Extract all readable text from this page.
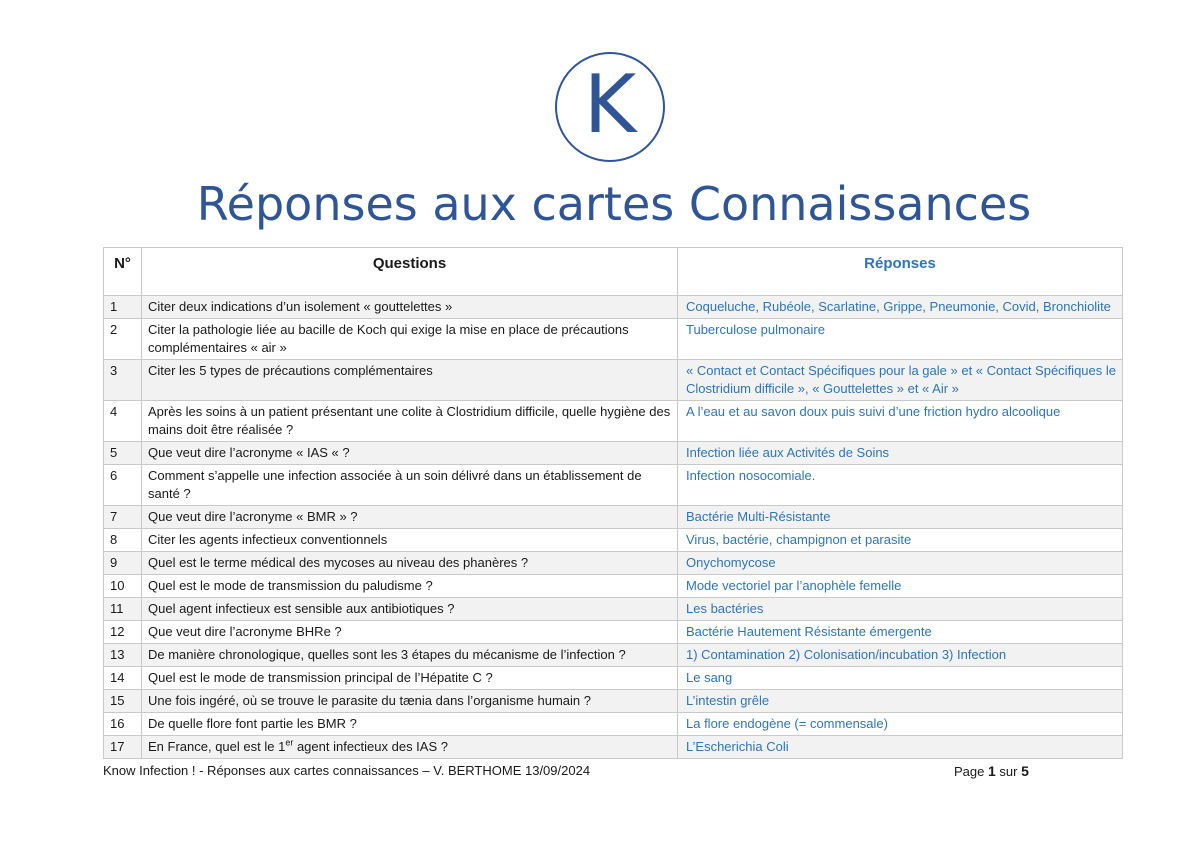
K
Réponses aux cartes Connaissances
N°	Questions	Réponses
1	Citer deux indications d’un isolement « gouttelettes »	Coqueluche, Rubéole, Scarlatine, Grippe, Pneumonie, Covid, Bronchiolite
2	Citer la pathologie liée au bacille de Koch qui exige la mise en place de précautions complémentaires « air »	Tuberculose pulmonaire
3	Citer les 5 types de précautions complémentaires	« Contact et Contact Spécifiques pour la gale » et « Contact Spécifiques le Clostridium difficile », « Gouttelettes » et « Air »
4	Après les soins à un patient présentant une colite à Clostridium difficile, quelle hygiène des mains doit être réalisée ?	A l’eau et au savon doux puis suivi d’une friction hydro alcoolique
5	Que veut dire l’acronyme « IAS « ?	Infection liée aux Activités de Soins
6	Comment s’appelle une infection associée à un soin délivré dans un établissement de santé ?	Infection nosocomiale.
7	Que veut dire l’acronyme « BMR » ?	Bactérie Multi-Résistante
8	Citer les agents infectieux conventionnels	Virus, bactérie, champignon et parasite
9	Quel est le terme médical des mycoses au niveau des phanères ?	Onychomycose
10	Quel est le mode de transmission du paludisme ?	Mode vectoriel par l’anophèle femelle
11	Quel agent infectieux est sensible aux antibiotiques ?	Les bactéries
12	Que veut dire l’acronyme BHRe ?	Bactérie Hautement Résistante émergente
13	De manière chronologique, quelles sont les 3 étapes du mécanisme de l’infection ?	1) Contamination 2) Colonisation/incubation 3) Infection
14	Quel est le mode de transmission principal de l’Hépatite C ?	Le sang
15	Une fois ingéré, où se trouve le parasite du tænia dans l’organisme humain ?	L’intestin grêle
16	De quelle flore font partie les BMR ?	La flore endogène (= commensale)
17	En France, quel est le 1er agent infectieux des IAS ?	L’Escherichia Coli
Know Infection ! - Réponses aux cartes connaissances – V. BERTHOME 13/09/2024	Page 1 sur 5
